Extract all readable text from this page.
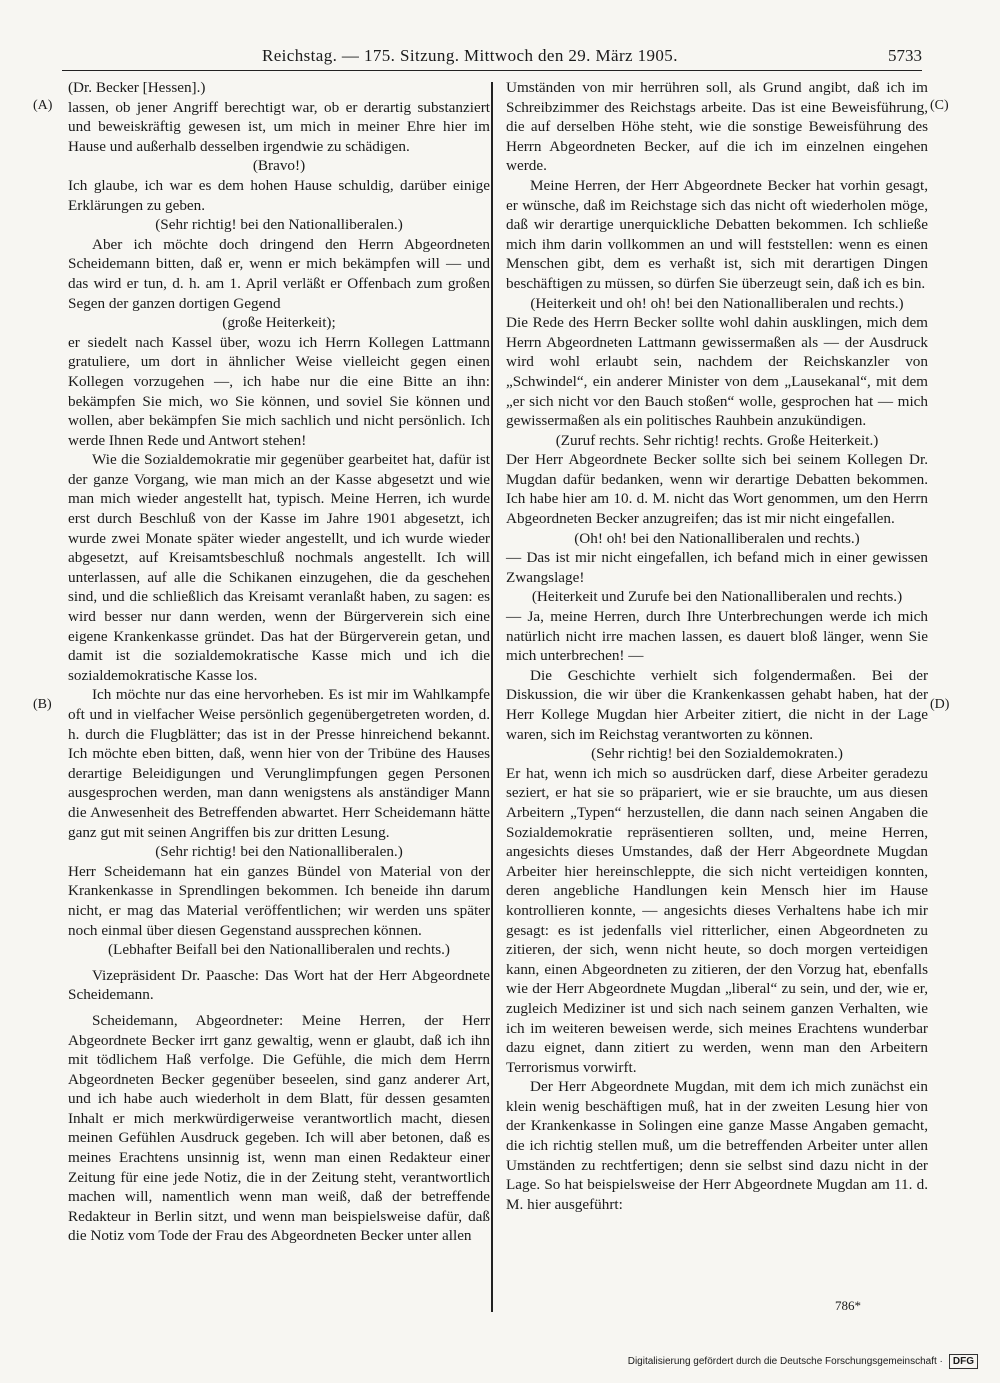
Reichstag. — 175. Sitzung. Mittwoch den 29. März 1905.	5733
(A)
(B)
(C)
(D)

(Dr. Becker [Hessen].)

lassen, ob jener Angriff berechtigt war, ob er derartig substanziert und beweiskräftig gewesen ist, um mich in meiner Ehre hier im Hause und außerhalb desselben irgendwie zu schädigen.

(Bravo!)

Ich glaube, ich war es dem hohen Hause schuldig, darüber einige Erklärungen zu geben.

(Sehr richtig! bei den Nationalliberalen.)

Aber ich möchte doch dringend den Herrn Abgeordneten Scheidemann bitten, daß er, wenn er mich bekämpfen will — und das wird er tun, d. h. am 1. April verläßt er Offenbach zum großen Segen der ganzen dortigen Gegend

(große Heiterkeit);

er siedelt nach Kassel über, wozu ich Herrn Kollegen Lattmann gratuliere, um dort in ähnlicher Weise vielleicht gegen einen Kollegen vorzugehen —, ich habe nur die eine Bitte an ihn: bekämpfen Sie mich, wo Sie können, und soviel Sie können und wollen, aber bekämpfen Sie mich sachlich und nicht persönlich. Ich werde Ihnen Rede und Antwort stehen!

Wie die Sozialdemokratie mir gegenüber gearbeitet hat, dafür ist der ganze Vorgang, wie man mich an der Kasse abgesetzt und wie man mich wieder angestellt hat, typisch. Meine Herren, ich wurde erst durch Beschluß von der Kasse im Jahre 1901 abgesetzt, ich wurde zwei Monate später wieder angestellt, und ich wurde wieder abgesetzt, auf Kreisamtsbeschluß nochmals angestellt. Ich will unterlassen, auf alle die Schikanen einzugehen, die da geschehen sind, und die schließlich das Kreisamt veranlaßt haben, zu sagen: es wird besser nur dann werden, wenn der Bürgerverein sich eine eigene Krankenkasse gründet. Das hat der Bürgerverein getan, und damit ist die sozialdemokratische Kasse mich und ich die sozialdemokratische Kasse los.

Ich möchte nur das eine hervorheben. Es ist mir im Wahlkampfe oft und in vielfacher Weise persönlich gegenübergetreten worden, d. h. durch die Flugblätter; das ist in der Presse hinreichend bekannt. Ich möchte eben bitten, daß, wenn hier von der Tribüne des Hauses derartige Beleidigungen und Verunglimpfungen gegen Personen ausgesprochen werden, man dann wenigstens als anständiger Mann die Anwesenheit des Betreffenden abwartet. Herr Scheidemann hätte ganz gut mit seinen Angriffen bis zur dritten Lesung.

(Sehr richtig! bei den Nationalliberalen.)

Herr Scheidemann hat ein ganzes Bündel von Material von der Krankenkasse in Sprendlingen bekommen. Ich beneide ihn darum nicht, er mag das Material veröffentlichen; wir werden uns später noch einmal über diesen Gegenstand aussprechen können.

(Lebhafter Beifall bei den Nationalliberalen und rechts.)

Vizepräsident Dr. Paasche: Das Wort hat der Herr Abgeordnete Scheidemann.

Scheidemann, Abgeordneter: Meine Herren, der Herr Abgeordnete Becker irrt ganz gewaltig, wenn er glaubt, daß ich ihn mit tödlichem Haß verfolge. Die Gefühle, die mich dem Herrn Abgeordneten Becker gegenüber beseelen, sind ganz anderer Art, und ich habe auch wiederholt in dem Blatt, für dessen gesamten Inhalt er mich merkwürdigerweise verantwortlich macht, diesen meinen Gefühlen Ausdruck gegeben. Ich will aber betonen, daß es meines Erachtens unsinnig ist, wenn man einen Redakteur einer Zeitung für eine jede Notiz, die in der Zeitung steht, verantwortlich machen will, namentlich wenn man weiß, daß der betreffende Redakteur in Berlin sitzt, und wenn man beispielsweise dafür, daß die Notiz vom Tode der Frau des Abgeordneten Becker unter allen

Umständen von mir herrühren soll, als Grund angibt, daß ich im Schreibzimmer des Reichstags arbeite. Das ist eine Beweisführung, die auf derselben Höhe steht, wie die sonstige Beweisführung des Herrn Abgeordneten Becker, auf die ich im einzelnen eingehen werde.

Meine Herren, der Herr Abgeordnete Becker hat vorhin gesagt, er wünsche, daß im Reichstage sich das nicht oft wiederholen möge, daß wir derartige unerquickliche Debatten bekommen. Ich schließe mich ihm darin vollkommen an und will feststellen: wenn es einen Menschen gibt, dem es verhaßt ist, sich mit derartigen Dingen beschäftigen zu müssen, so dürfen Sie überzeugt sein, daß ich es bin.

(Heiterkeit und oh! oh! bei den Nationalliberalen und rechts.)

Die Rede des Herrn Becker sollte wohl dahin ausklingen, mich dem Herrn Abgeordneten Lattmann gewissermaßen als — der Ausdruck wird wohl erlaubt sein, nachdem der Reichskanzler von „Schwindel“, ein anderer Minister von dem „Lausekanal“, mit dem „er sich nicht vor den Bauch stoßen“ wolle, gesprochen hat — mich gewissermaßen als ein politisches Rauhbein anzukündigen.

(Zuruf rechts. Sehr richtig! rechts. Große Heiterkeit.)

Der Herr Abgeordnete Becker sollte sich bei seinem Kollegen Dr. Mugdan dafür bedanken, wenn wir derartige Debatten bekommen. Ich habe hier am 10. d. M. nicht das Wort genommen, um den Herrn Abgeordneten Becker anzugreifen; das ist mir nicht eingefallen.

(Oh! oh! bei den Nationalliberalen und rechts.)

— Das ist mir nicht eingefallen, ich befand mich in einer gewissen Zwangslage!

(Heiterkeit und Zurufe bei den Nationalliberalen und rechts.)

— Ja, meine Herren, durch Ihre Unterbrechungen werde ich mich natürlich nicht irre machen lassen, es dauert bloß länger, wenn Sie mich unterbrechen! —

Die Geschichte verhielt sich folgendermaßen. Bei der Diskussion, die wir über die Krankenkassen gehabt haben, hat der Herr Kollege Mugdan hier Arbeiter zitiert, die nicht in der Lage waren, sich im Reichstag verantworten zu können.

(Sehr richtig! bei den Sozialdemokraten.)

Er hat, wenn ich mich so ausdrücken darf, diese Arbeiter geradezu seziert, er hat sie so präpariert, wie er sie brauchte, um aus diesen Arbeitern „Typen“ herzustellen, die dann nach seinen Angaben die Sozialdemokratie repräsentieren sollten, und, meine Herren, angesichts dieses Umstandes, daß der Herr Abgeordnete Mugdan Arbeiter hier hereinschleppte, die sich nicht verteidigen konnten, deren angebliche Handlungen kein Mensch hier im Hause kontrollieren konnte, — angesichts dieses Verhaltens habe ich mir gesagt: es ist jedenfalls viel ritterlicher, einen Abgeordneten zu zitieren, der sich, wenn nicht heute, so doch morgen verteidigen kann, einen Abgeordneten zu zitieren, der den Vorzug hat, ebenfalls wie der Herr Abgeordnete Mugdan „liberal“ zu sein, und der, wie er, zugleich Mediziner ist und sich nach seinem ganzen Verhalten, wie ich im weiteren beweisen werde, sich meines Erachtens wunderbar dazu eignet, dann zitiert zu werden, wenn man den Arbeitern Terrorismus vorwirft.

Der Herr Abgeordnete Mugdan, mit dem ich mich zunächst ein klein wenig beschäftigen muß, hat in der zweiten Lesung hier von der Krankenkasse in Solingen eine ganze Masse Angaben gemacht, die ich richtig stellen muß, um die betreffenden Arbeiter unter allen Umständen zu rechtfertigen; denn sie selbst sind dazu nicht in der Lage. So hat beispielsweise der Herr Abgeordnete Mugdan am 11. d. M. hier ausgeführt:

786*
Digitalisierung gefördert durch die Deutsche Forschungsgemeinschaft ·	DFG
